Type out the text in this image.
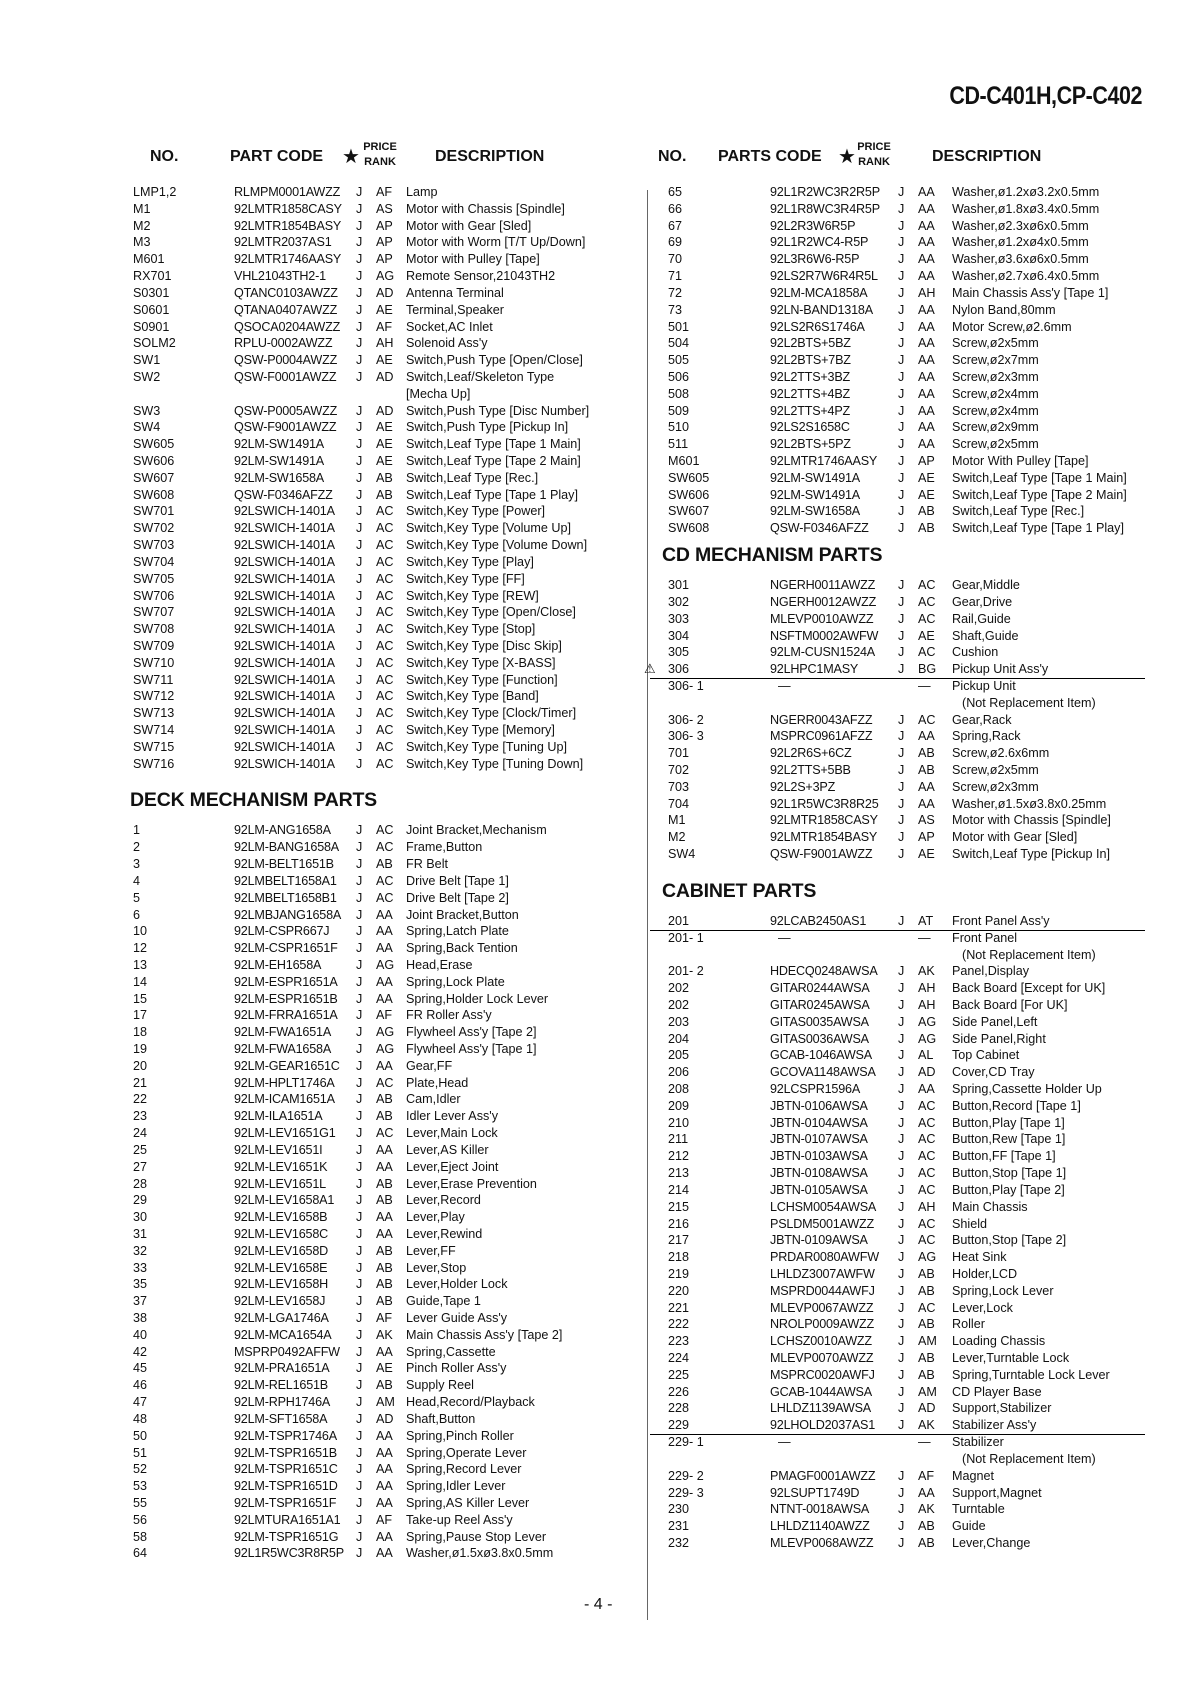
CD-C401H,CP-C402
NO.	PART CODE ★ PRICE RANK DESCRIPTION
LMP1,2	RLMPM0001AWZZ J AF Lamp
M1	92LMTR1858CASY J AS Motor with Chassis [Spindle]
M2	92LMTR1854BASY J AP Motor with Gear [Sled]
M3	92LMTR2037AS1 J AP Motor with Worm [T/T Up/Down]
M601	92LMTR1746AASY J AP Motor with Pulley [Tape]
RX701	VHL21043TH2-1 J AG Remote Sensor,21043TH2
S0301	QTANC0103AWZZ J AD Antenna Terminal
S0601	QTANA0407AWZZ J AE Terminal,Speaker
S0901	QSOCA0204AWZZ J AF Socket,AC Inlet
SOLM2	RPLU-0002AWZZ J AH Solenoid Ass'y
SW1	QSW-P0004AWZZ J AE Switch,Push Type [Open/Close]
SW2	QSW-F0001AWZZ J AD Switch,Leaf/Skeleton Type
[Mecha Up]
SW3	QSW-P0005AWZZ J AD Switch,Push Type [Disc Number]
SW4	QSW-F9001AWZZ J AE Switch,Push Type [Pickup In]
SW605	92LM-SW1491A	J AE Switch,Leaf Type [Tape 1 Main]
SW606	92LM-SW1491A	J AE Switch,Leaf Type [Tape 2 Main]
SW607	92LM-SW1658A	J AB Switch,Leaf Type [Rec.]
SW608	QSW-F0346AFZZ J AB Switch,Leaf Type [Tape 1 Play]
SW701	92LSWICH-1401A J AC Switch,Key Type [Power]
SW702	92LSWICH-1401A J AC Switch,Key Type [Volume Up]
SW703	92LSWICH-1401A J AC Switch,Key Type [Volume Down]
SW704	92LSWICH-1401A J AC Switch,Key Type [Play]
SW705	92LSWICH-1401A J AC Switch,Key Type [FF]
SW706	92LSWICH-1401A J AC Switch,Key Type [REW]
SW707	92LSWICH-1401A J AC Switch,Key Type [Open/Close]
SW708	92LSWICH-1401A J AC Switch,Key Type [Stop]
SW709	92LSWICH-1401A J AC Switch,Key Type [Disc Skip]
SW710	92LSWICH-1401A J AC Switch,Key Type [X-BASS]
SW711	92LSWICH-1401A J AC Switch,Key Type [Function]
SW712	92LSWICH-1401A J AC Switch,Key Type [Band]
SW713	92LSWICH-1401A J AC Switch,Key Type [Clock/Timer]
SW714	92LSWICH-1401A J AC Switch,Key Type [Memory]
SW715	92LSWICH-1401A J AC Switch,Key Type [Tuning Up]
SW716	92LSWICH-1401A J AC Switch,Key Type [Tuning Down]
DECK MECHANISM PARTS
1	92LM-ANG1658A J AC Joint Bracket,Mechanism
2	92LM-BANG1658A J AC Frame,Button
3	92LM-BELT1651B J AB FR Belt
4	92LMBELT1658A1 J AC Drive Belt [Tape 1]
5	92LMBELT1658B1 J AC Drive Belt [Tape 2]
6	92LMBJANG1658A J AA Joint Bracket,Button
10	92LM-CSPR667J J AA Spring,Latch Plate
12	92LM-CSPR1651F J AA Spring,Back Tention
13	92LM-EH1658A	J AG Head,Erase
14	92LM-ESPR1651A J AA Spring,Lock Plate
15	92LM-ESPR1651B J AA Spring,Holder Lock Lever
17	92LM-FRRA1651A J AF FR Roller Ass'y
18	92LM-FWA1651A J AG Flywheel Ass'y [Tape 2]
19	92LM-FWA1658A J AG Flywheel Ass'y [Tape 1]
20	92LM-GEAR1651C J AA Gear,FF
21	92LM-HPLT1746A J AC Plate,Head
22	92LM-ICAM1651A J AB Cam,Idler
23	92LM-ILA1651A	J AB Idler Lever Ass'y
24	92LM-LEV1651G1 J AC Lever,Main Lock
25	92LM-LEV1651I	J AA Lever,AS Killer
27	92LM-LEV1651K J AA Lever,Eject Joint
28	92LM-LEV1651L J AB Lever,Erase Prevention
29	92LM-LEV1658A1 J AB Lever,Record
30	92LM-LEV1658B J AA Lever,Play
31	92LM-LEV1658C J AA Lever,Rewind
32	92LM-LEV1658D J AB Lever,FF
33	92LM-LEV1658E J AB Lever,Stop
35	92LM-LEV1658H J AB Lever,Holder Lock
37	92LM-LEV1658J J AB Guide,Tape 1
38	92LM-LGA1746A J AF Lever Guide Ass'y
40	92LM-MCA1654A J AK Main Chassis Ass'y [Tape 2]
42	MSPRP0492AFFW J AA Spring,Cassette
45	92LM-PRA1651A J AE Pinch Roller Ass'y
46	92LM-REL1651B J AB Supply Reel
47	92LM-RPH1746A J AM Head,Record/Playback
48	92LM-SFT1658A J AD Shaft,Button
50	92LM-TSPR1746A J AA Spring,Pinch Roller
51	92LM-TSPR1651B J AA Spring,Operate Lever
52	92LM-TSPR1651C J AA Spring,Record Lever
53	92LM-TSPR1651D J AA Spring,Idler Lever
55	92LM-TSPR1651F J AA Spring,AS Killer Lever
56	92LMTURA1651A1 J AF Take-up Reel Ass'y
58	92LM-TSPR1651G J AA Spring,Pause Stop Lever
64	92L1R5WC3R8R5P J AA Washer,ø1.5xø3.8x0.5mm
NO. PARTS CODE ★ PRICE RANK	DESCRIPTION
65	92L1R2WC3R2R5P J AA Washer,ø1.2xø3.2x0.5mm
66	92L1R8WC3R4R5P J AA Washer,ø1.8xø3.4x0.5mm
67	92L2R3W6R5P	J AA Washer,ø2.3xø6x0.5mm
69	92L1R2WC4-R5P J AA Washer,ø1.2xø4x0.5mm
70	92L3R6W6-R5P	J AA Washer,ø3.6xø6x0.5mm
71	92LS2R7W6R4R5L J AA Washer,ø2.7xø6.4x0.5mm
72	92LM-MCA1858A J AH Main Chassis Ass'y [Tape 1]
73	92LN-BAND1318A J AA Nylon Band,80mm
501	92LS2R6S1746A	J AA Motor Screw,ø2.6mm
504	92L2BTS+5BZ	J AA Screw,ø2x5mm
505	92L2BTS+7BZ	J AA Screw,ø2x7mm
506	92L2TTS+3BZ	J AA Screw,ø2x3mm
508	92L2TTS+4BZ	J AA Screw,ø2x4mm
509	92L2TTS+4PZ	J AA Screw,ø2x4mm
510	92LS2S1658C	J AA Screw,ø2x9mm
511	92L2BTS+5PZ	J AA Screw,ø2x5mm
M601	92LMTR1746AASY J AP Motor With Pulley [Tape]
SW605	92LM-SW1491A	J AE Switch,Leaf Type [Tape 1 Main]
SW606	92LM-SW1491A	J AE Switch,Leaf Type [Tape 2 Main]
SW607	92LM-SW1658A	J AB Switch,Leaf Type [Rec.]
SW608	QSW-F0346AFZZ J AB Switch,Leaf Type [Tape 1 Play]
CD MECHANISM PARTS
301	NGERH0011AWZZ J AC Gear,Middle
302	NGERH0012AWZZ J AC Gear,Drive
303	MLEVP0010AWZZ J AC Rail,Guide
304	NSFTM0002AWFW J AE Shaft,Guide
305	92LM-CUSN1524A J AC Cushion
⚠ 306	92LHPC1MASY	J BG Pickup Unit Ass'y
306- 1	—	— Pickup Unit
(Not Replacement Item)
306- 2	NGERR0043AFZZ J AC Gear,Rack
306- 3	MSPRC0961AFZZ J AA Spring,Rack
701	92L2R6S+6CZ	J AB Screw,ø2.6x6mm
702	92L2TTS+5BB	J AB Screw,ø2x5mm
703	92L2S+3PZ	J AA Screw,ø2x3mm
704	92L1R5WC3R8R25 J AA Washer,ø1.5xø3.8x0.25mm
M1	92LMTR1858CASY J AS Motor with Chassis [Spindle]
M2	92LMTR1854BASY J AP Motor with Gear [Sled]
SW4	QSW-F9001AWZZ J AE Switch,Leaf Type [Pickup In]
CABINET PARTS
201	92LCAB2450AS1	J AT Front Panel Ass'y
201- 1	—	— Front Panel
(Not Replacement Item)
201- 2	HDECQ0248AWSA J AK Panel,Display
202	GITAR0244AWSA J AH Back Board [Except for UK]
202	GITAR0245AWSA J AH Back Board [For UK]
203	GITAS0035AWSA J AG Side Panel,Left
204	GITAS0036AWSA J AG Side Panel,Right
205	GCAB-1046AWSA J AL Top Cabinet
206	GCOVA1148AWSA J AD Cover,CD Tray
208	92LCSPR1596A	J AA Spring,Cassette Holder Up
209	JBTN-0106AWSA J AC Button,Record [Tape 1]
210	JBTN-0104AWSA J AC Button,Play [Tape 1]
211	JBTN-0107AWSA J AC Button,Rew [Tape 1]
212	JBTN-0103AWSA J AC Button,FF [Tape 1]
213	JBTN-0108AWSA J AC Button,Stop [Tape 1]
214	JBTN-0105AWSA J AC Button,Play [Tape 2]
215	LCHSM0054AWSA J AH Main Chassis
216	PSLDM5001AWZZ J AC Shield
217	JBTN-0109AWSA J AC Button,Stop [Tape 2]
218	PRDAR0080AWFW J AG Heat Sink
219	LHLDZ3007AWFW J AB Holder,LCD
220	MSPRD0044AWFJ J AB Spring,Lock Lever
221	MLEVP0067AWZZ J AC Lever,Lock
222	NROLP0009AWZZ J AB Roller
223	LCHSZ0010AWZZ J AM Loading Chassis
224	MLEVP0070AWZZ J AB Lever,Turntable Lock
225	MSPRC0020AWFJ J AB Spring,Turntable Lock Lever
226	GCAB-1044AWSA J AM CD Player Base
228	LHLDZ1139AWSA J AD Support,Stabilizer
229	92LHOLD2037AS1 J AK Stabilizer Ass'y
229- 1	—	— Stabilizer
(Not Replacement Item)
229- 2	PMAGF0001AWZZ J AF Magnet
229- 3	92LSUPT1749D	J AA Support,Magnet
230	NTNT-0018AWSA J AK Turntable
231	LHLDZ1140AWZZ J AB Guide
232	MLEVP0068AWZZ J AB Lever,Change
- 4 -
